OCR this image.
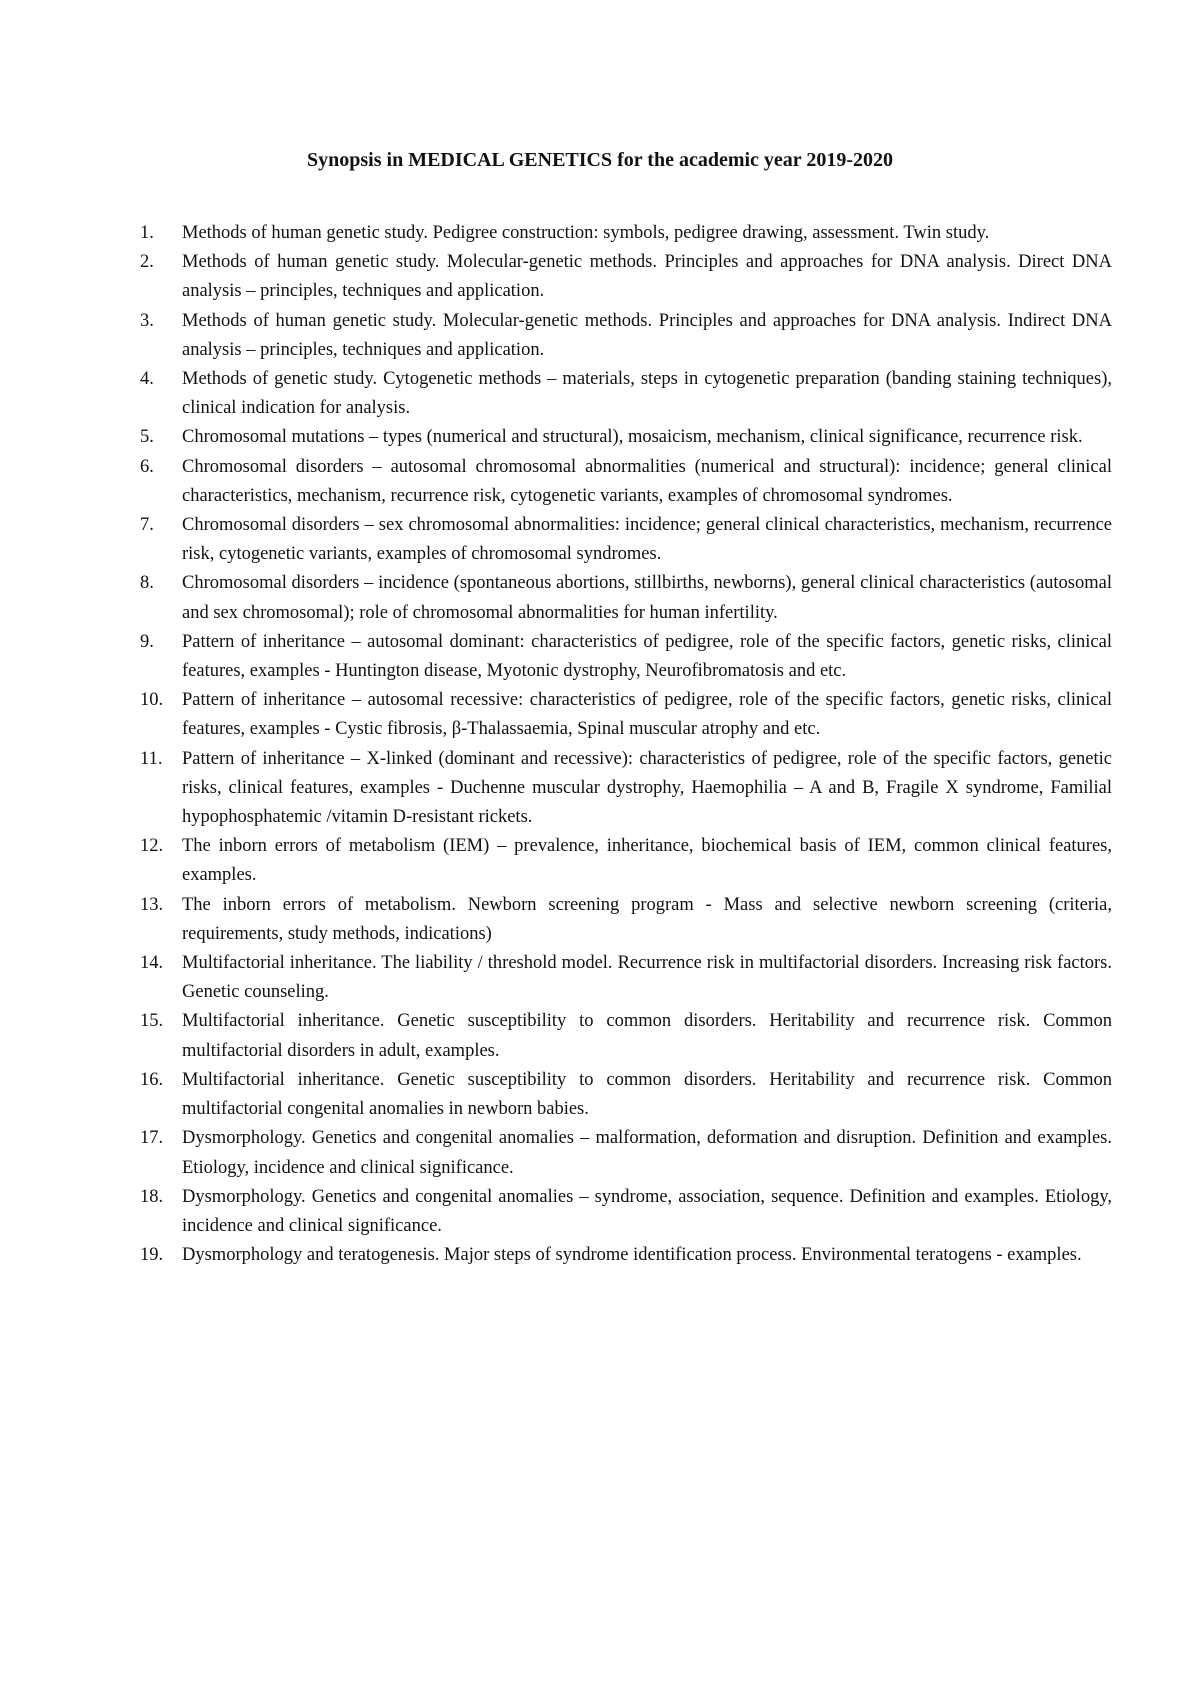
Synopsis in MEDICAL GENETICS for the academic year 2019-2020
1.	Methods of human genetic study. Pedigree construction: symbols, pedigree drawing, assessment. Twin study.
2.	Methods of human genetic study. Molecular-genetic methods. Principles and approaches for DNA analysis. Direct DNA analysis – principles, techniques and application.
3.	Methods of human genetic study. Molecular-genetic methods. Principles and approaches for DNA analysis. Indirect DNA analysis – principles, techniques and application.
4.	Methods of genetic study. Cytogenetic methods – materials, steps in cytogenetic preparation (banding staining techniques), clinical indication for analysis.
5.	Chromosomal mutations – types (numerical and structural), mosaicism, mechanism, clinical significance, recurrence risk.
6.	Chromosomal disorders – autosomal chromosomal abnormalities (numerical and structural): incidence; general clinical characteristics, mechanism, recurrence risk, cytogenetic variants, examples of chromosomal syndromes.
7.	Chromosomal disorders – sex chromosomal abnormalities: incidence; general clinical characteristics, mechanism, recurrence risk, cytogenetic variants, examples of chromosomal syndromes.
8.	Chromosomal disorders – incidence (spontaneous abortions, stillbirths, newborns), general clinical characteristics (autosomal and sex chromosomal); role of chromosomal abnormalities for human infertility.
9.	Pattern of inheritance – autosomal dominant: characteristics of pedigree, role of the specific factors, genetic risks, clinical features, examples - Huntington disease, Myotonic dystrophy, Neurofibromatosis and etc.
10.	Pattern of inheritance – autosomal recessive: characteristics of pedigree, role of the specific factors, genetic risks, clinical features, examples - Cystic fibrosis, β-Thalassaemia, Spinal muscular atrophy and etc.
11.	Pattern of inheritance – X-linked (dominant and recessive): characteristics of pedigree, role of the specific factors, genetic risks, clinical features, examples - Duchenne muscular dystrophy, Haemophilia – A and B, Fragile X syndrome, Familial hypophosphatemic /vitamin D-resistant rickets.
12.	The inborn errors of metabolism (IEM) – prevalence, inheritance, biochemical basis of IEM, common clinical features, examples.
13.	The inborn errors of metabolism. Newborn screening program - Mass and selective newborn screening (criteria, requirements, study methods, indications)
14.	Multifactorial inheritance. The liability / threshold model. Recurrence risk in multifactorial disorders. Increasing risk factors. Genetic counseling.
15.	Multifactorial inheritance. Genetic susceptibility to common disorders. Heritability and recurrence risk. Common multifactorial disorders in adult, examples.
16.	Multifactorial inheritance. Genetic susceptibility to common disorders. Heritability and recurrence risk. Common multifactorial congenital anomalies in newborn babies.
17.	Dysmorphology. Genetics and congenital anomalies – malformation, deformation and disruption. Definition and examples. Etiology, incidence and clinical significance.
18.	Dysmorphology. Genetics and congenital anomalies – syndrome, association, sequence. Definition and examples. Etiology, incidence and clinical significance.
19.	Dysmorphology and teratogenesis. Major steps of syndrome identification process. Environmental teratogens - examples.
